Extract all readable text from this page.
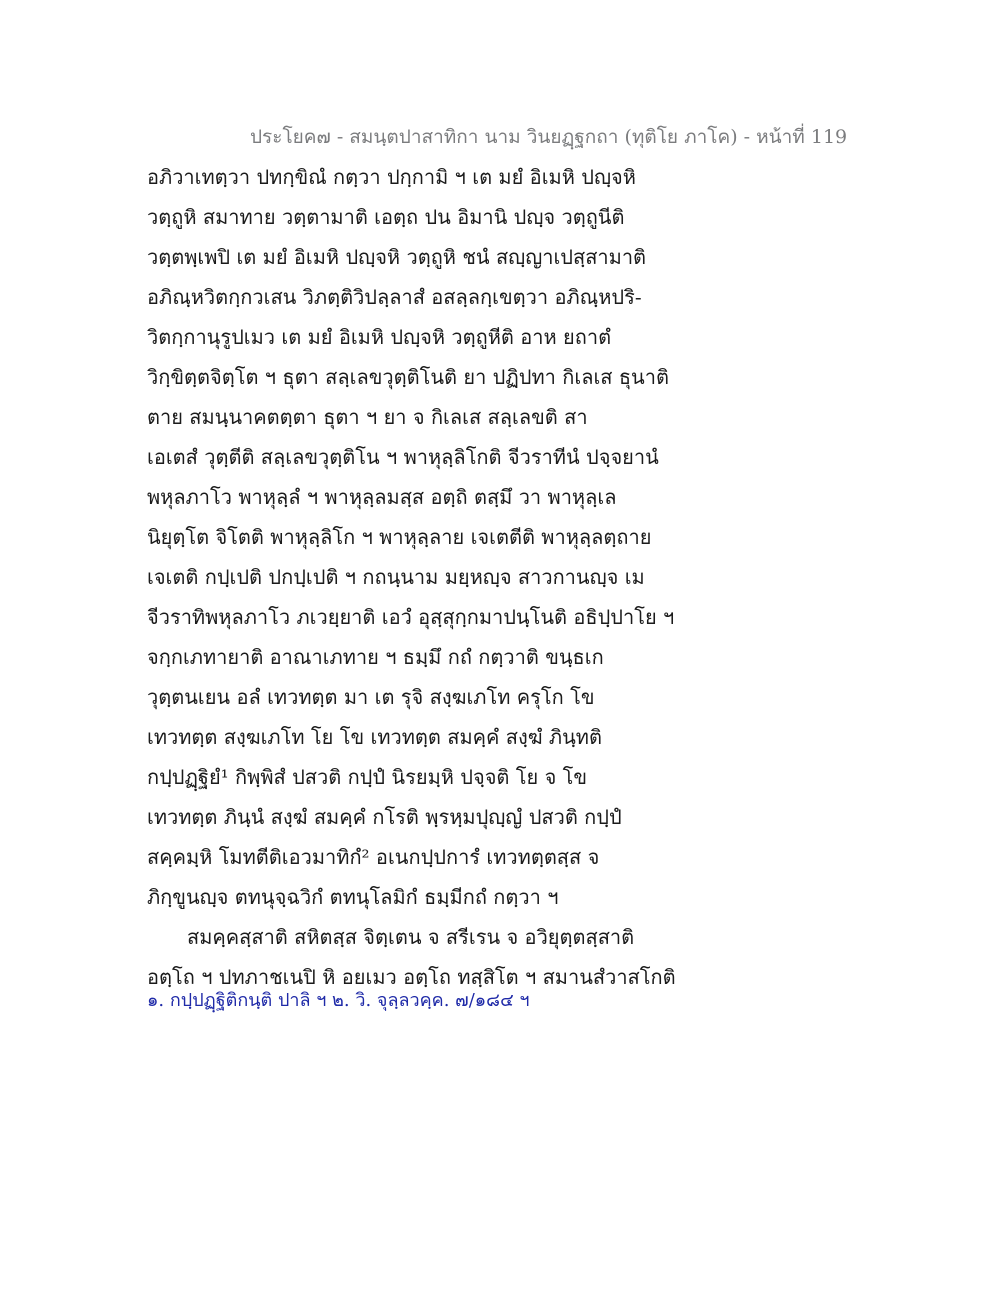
ประโยค๗ - สมนฺตปาสาทิกา นาม วินยฏฺฐกถา (ทุติโย ภาโค) - หน้าที่ 119
อภิวาเทตฺวา ปทกฺขิณํ กตฺวา ปกฺกามิ ฯ เต มยํ อิเมหิ ปญฺจหิ
วตฺถูหิ สมาทาย วตฺตามาติ เอตฺถ ปน อิมานิ ปญฺจ วตฺถูนีติ
วตฺตพฺเพปิ เต มยํ อิเมหิ ปญฺจหิ วตฺถูหิ ชนํ สญฺญาเปสฺสามาติ
อภิณฺหวิตกฺกวเสน วิภตฺติวิปลฺลาสํ อสลฺลกฺเขตฺวา อภิณฺหปริ-
วิตกฺกานุรูปเมว เต มยํ อิเมหิ ปญฺจหิ วตฺถูหีติ อาห ยถาตํ
วิกฺขิตฺตจิตฺโต ฯ ธุตา สลฺเลขวุตฺติโนติ ยา ปฏิปทา กิเลเส ธุนาติ
ตาย สมนฺนาคตตฺตา ธุตา ฯ ยา จ กิเลเส สลฺเลขติ สา
เอเตสํ วุตฺตีติ สลฺเลขวุตฺติโน ฯ พาหุลฺลิโกติ จีวราทีนํ ปจฺจยานํ
พหุลภาโว พาหุลฺลํ ฯ พาหุลฺลมสฺส อตฺถิ ตสฺมึ วา พาหุลฺเล
นิยุตฺโต จิโตติ พาหุลฺลิโก ฯ พาหุลฺลาย เจเตตีติ พาหุลฺลตฺถาย
เจเตติ กปฺเปติ ปกปฺเปติ ฯ กถนฺนาม มยฺหญฺจ สาวกานญฺจ เม
จีวราทิพหุลภาโว ภเวยฺยาติ เอวํ อุสฺสุกฺกมาปนฺโนติ อธิปฺปาโย ฯ
จกฺกเภทายาติ อาณาเภทาย ฯ ธมฺมึ กถํ กตฺวาติ ขนฺธเก
วุตฺตนเยน อลํ เทวทตฺต มา เต รุจิ สงฺฆเภโท ครุโก โข
เทวทตฺต สงฺฆเภโท โย โข เทวทตฺต สมคฺคํ สงฺฆํ ภินฺทติ
กปฺปฏฺฐิยํ¹ กิพฺพิสํ ปสวติ กปฺปํ นิรยมฺหิ ปจฺจติ โย จ โข
เทวทตฺต ภินฺนํ สงฺฆํ สมคฺคํ กโรติ พฺรหฺมปุญฺญํ ปสวติ กปฺปํ
สคฺคมฺหิ โมทตีติเอวมาทิกํ² อเนกปฺปการํ เทวทตฺตสฺส จ
ภิกฺขูนญฺจ ตทนุจฺฉวิกํ ตทนุโลมิกํ ธมฺมีกถํ กตฺวา ฯ
สมคฺคสฺสาติ สหิตสฺส จิตฺเตน จ สรีเรน จ อวิยุตฺตสฺสาติ
อตฺโถ ฯ ปทภาชเนปิ หิ อยเมว อตฺโถ ทสฺสิโต ฯ สมานสํวาสโกติ
๑. กปฺปฏฺฐิติกนฺติ ปาลิ ฯ ๒. วิ. จุลฺลวคฺค. ๗/๑๘๔ ฯ
